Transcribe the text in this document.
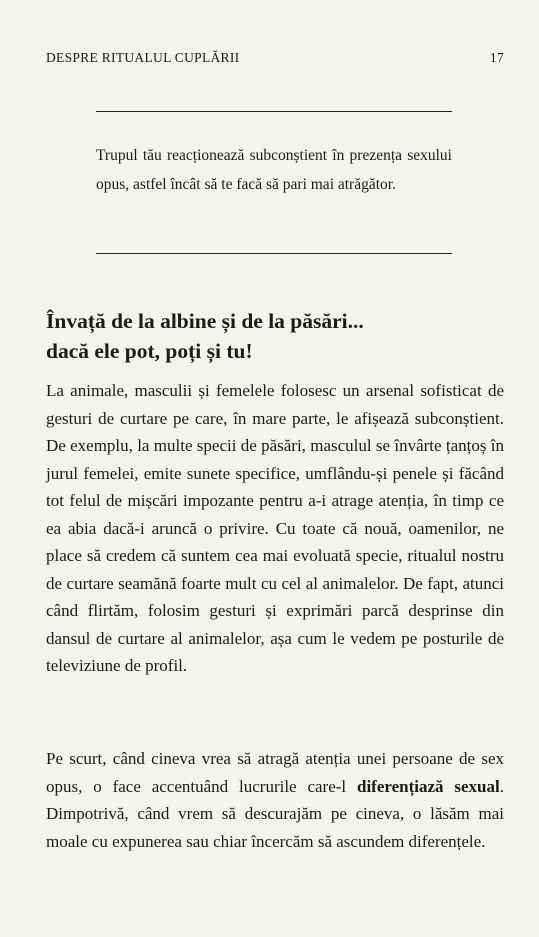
DESPRE RITUALUL CUPLĂRII	17
Trupul tău reacționează subconștient în prezența sexului opus, astfel încât să te facă să pari mai atrăgător.
Învață de la albine și de la păsări...
dacă ele pot, poți și tu!
La animale, masculii și femelele folosesc un arsenal sofisticat de gesturi de curtare pe care, în mare parte, le afișează subconștient. De exemplu, la multe specii de păsări, masculul se învârte țanțoș în jurul femelei, emite sunete specifice, umflându-și penele și făcând tot felul de mișcări impozante pentru a-i atrage atenția, în timp ce ea abia dacă-i aruncă o privire. Cu toate că nouă, oamenilor, ne place să credem că suntem cea mai evoluată specie, ritualul nostru de curtare seamănă foarte mult cu cel al animalelor. De fapt, atunci când flirtăm, folosim gesturi și exprimări parcă desprinse din dansul de curtare al animalelor, așa cum le vedem pe posturile de televiziune de profil.
Pe scurt, când cineva vrea să atragă atenția unei persoane de sex opus, o face accentuând lucrurile care-l diferențiază sexual. Dimpotrivă, când vrem să descurajăm pe cineva, o lăsăm mai moale cu expunerea sau chiar încercăm să ascundem diferențele.
